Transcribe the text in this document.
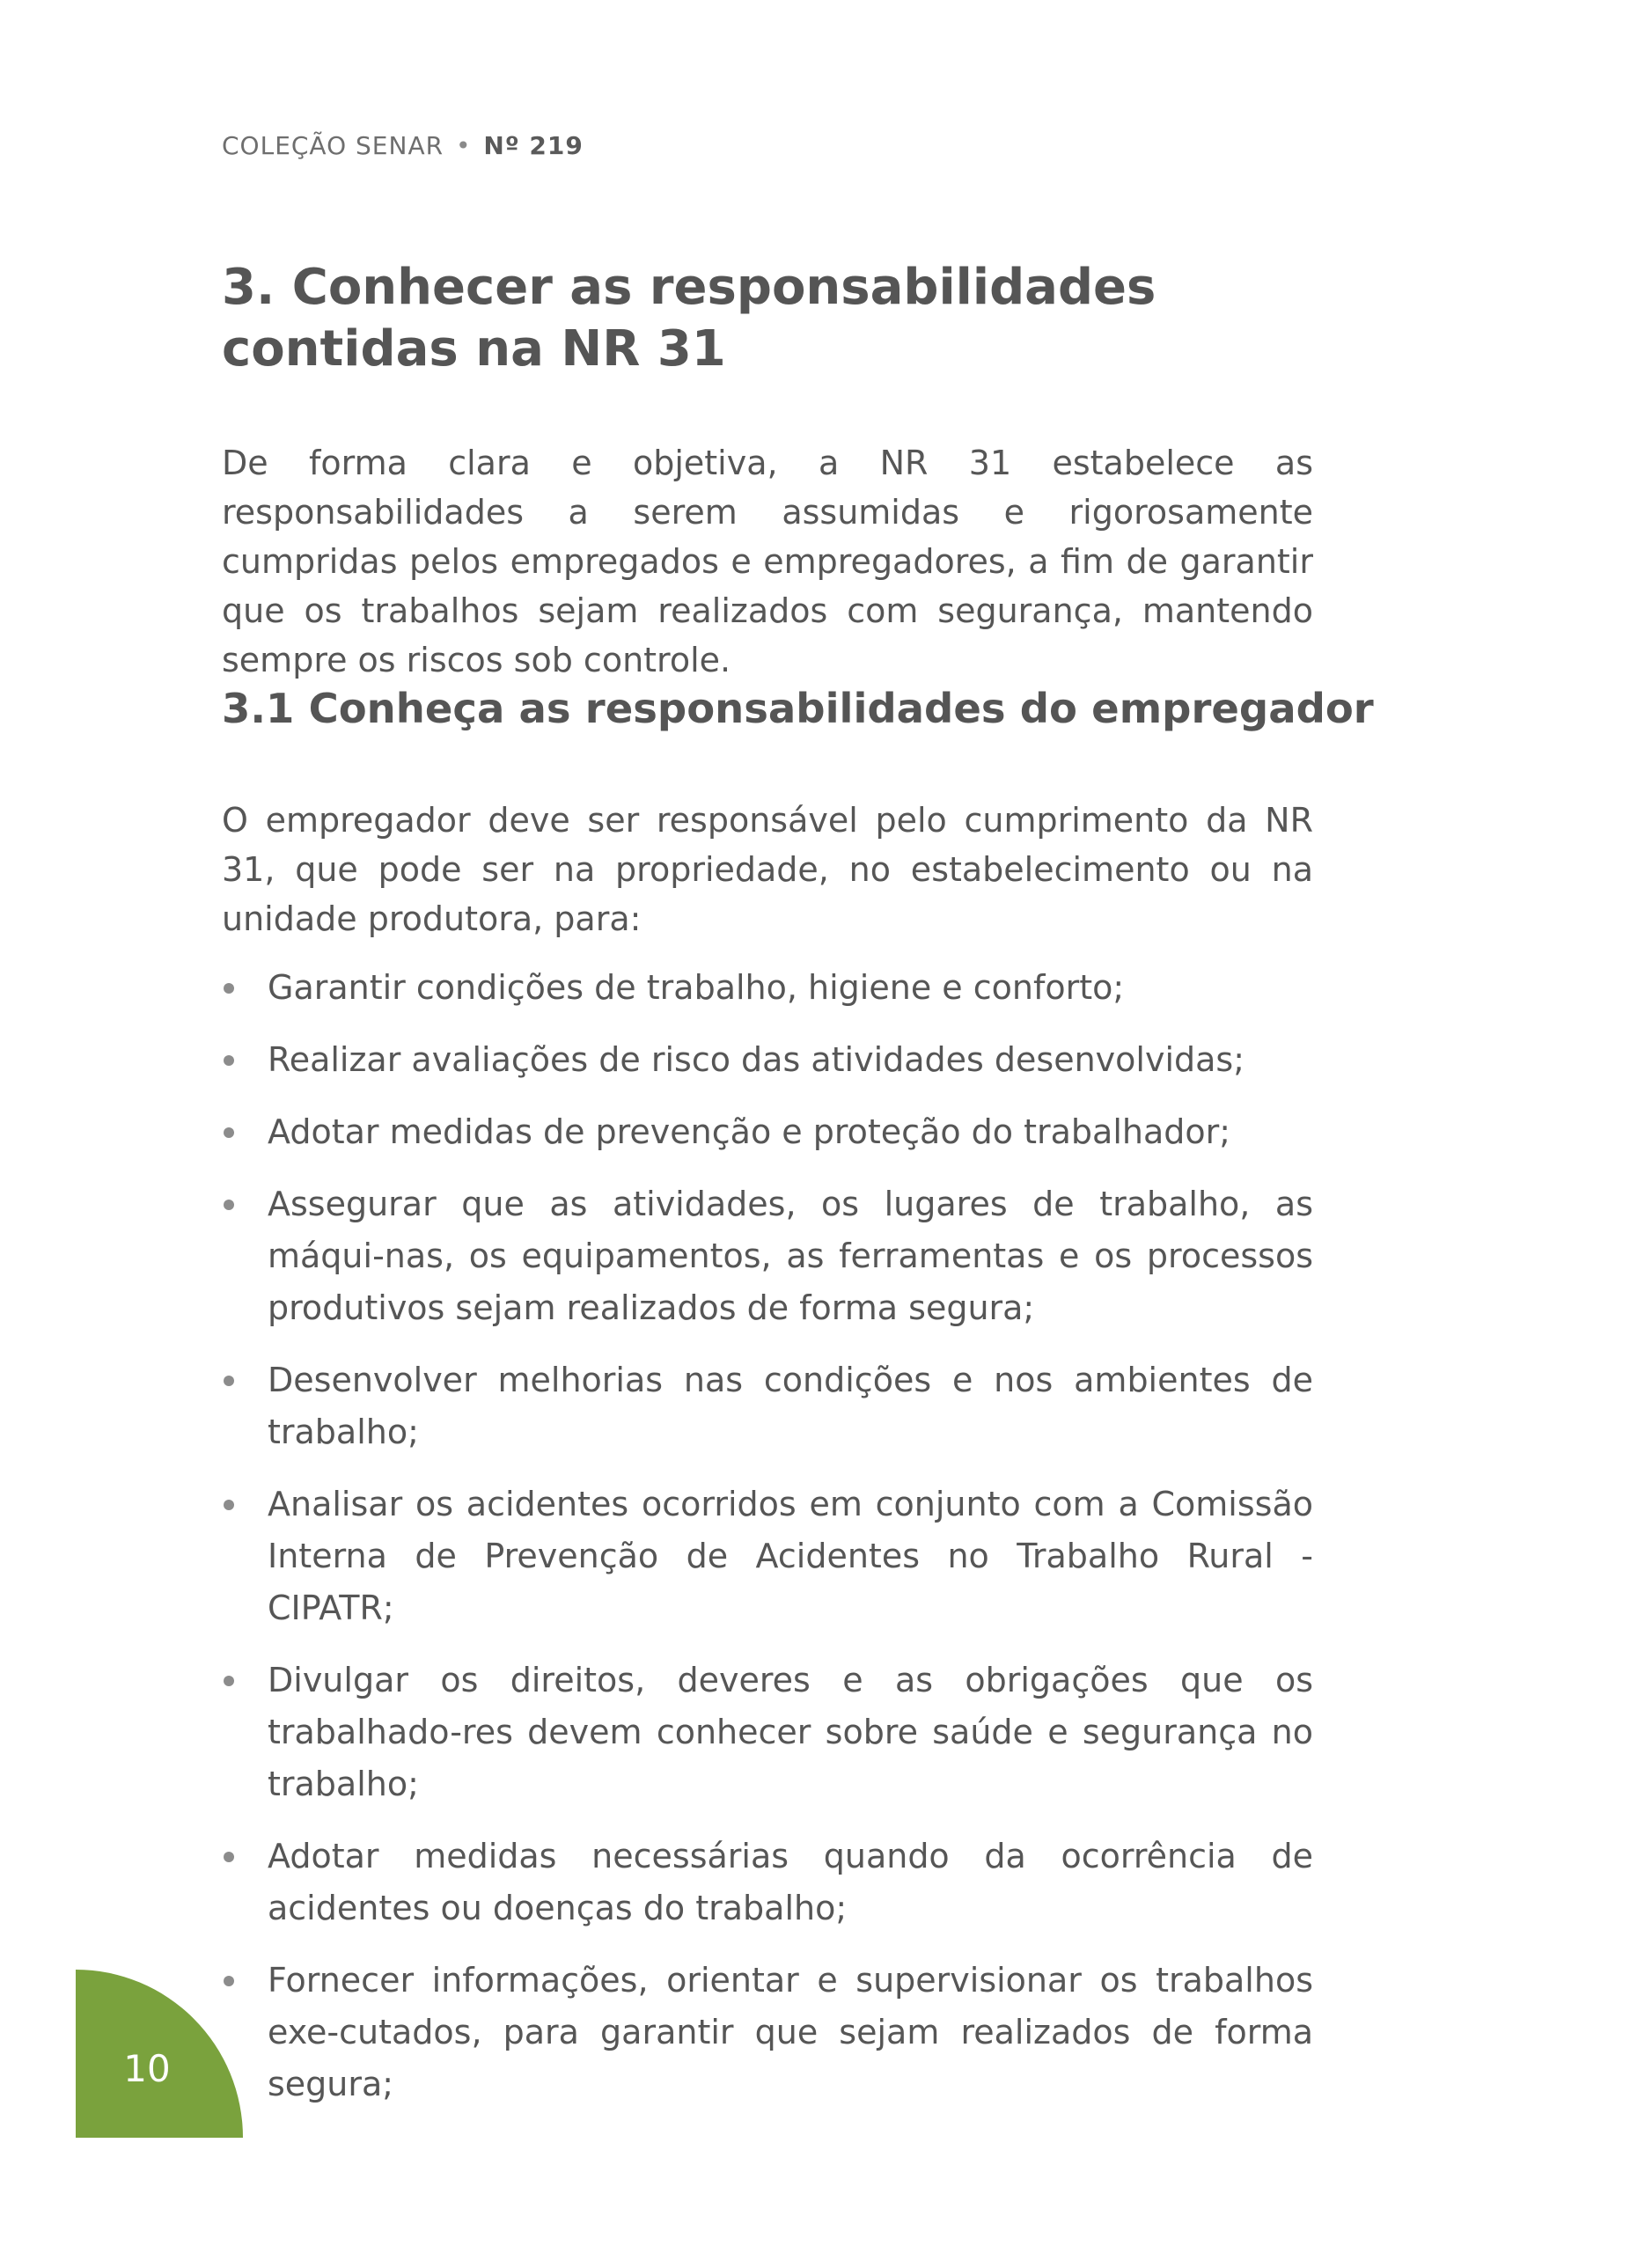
COLEÇÃO SENAR • Nº 219
3. Conhecer as responsabilidades contidas na NR 31

De forma clara e objetiva, a NR 31 estabelece as responsabilidades a serem assumidas e rigorosamente cumpridas pelos empregados e empregadores, a fim de garantir que os trabalhos sejam realizados com segurança, mantendo sempre os riscos sob controle.

3.1 Conheça as responsabilidades do empregador

O empregador deve ser responsável pelo cumprimento da NR 31, que pode ser na propriedade, no estabelecimento ou na unidade produtora, para:

Garantir condições de trabalho, higiene e conforto;
Realizar avaliações de risco das atividades desenvolvidas;
Adotar medidas de prevenção e proteção do trabalhador;
Assegurar que as atividades, os lugares de trabalho, as máqui-nas, os equipamentos, as ferramentas e os processos produtivos sejam realizados de forma segura;
Desenvolver melhorias nas condições e nos ambientes de trabalho;
Analisar os acidentes ocorridos em conjunto com a Comissão Interna de Prevenção de Acidentes no Trabalho Rural - CIPATR;
Divulgar os direitos, deveres e as obrigações que os trabalhado-res devem conhecer sobre saúde e segurança no trabalho;
Adotar medidas necessárias quando da ocorrência de acidentes ou doenças do trabalho;
Fornecer informações, orientar e supervisionar os trabalhos exe-cutados, para garantir que sejam realizados de forma segura;
10
